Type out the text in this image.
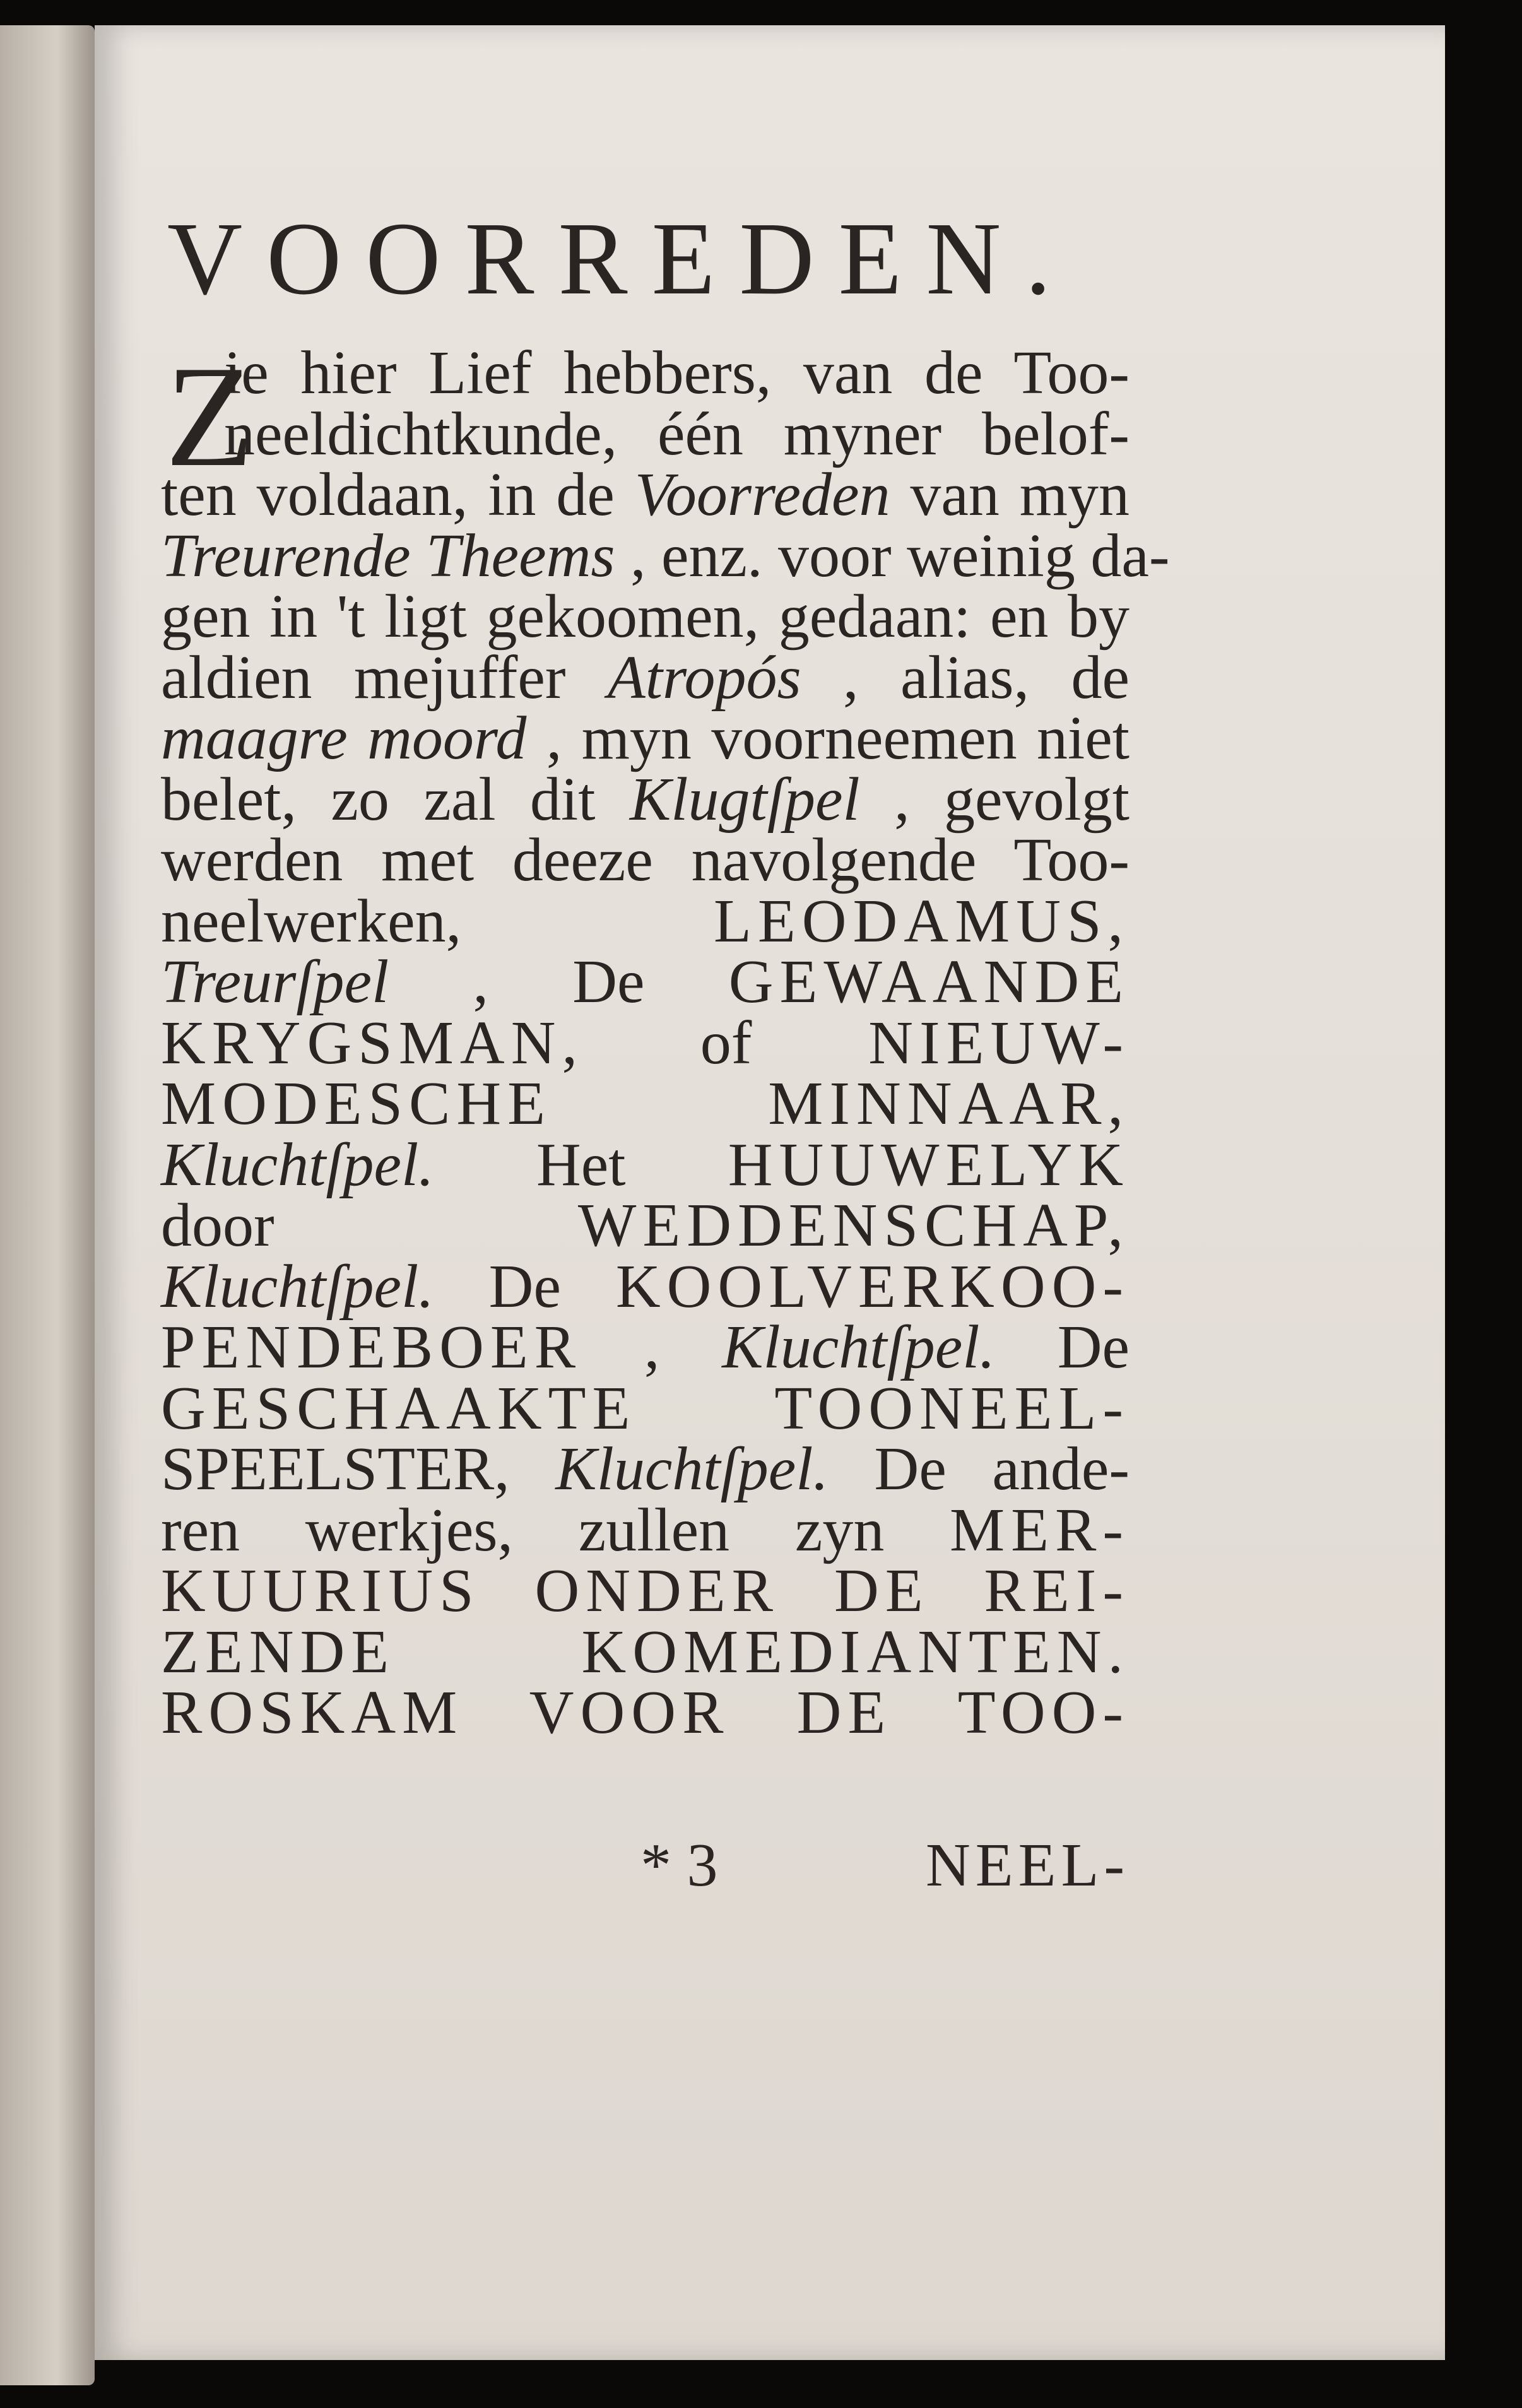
VOORREDEN.
Z
ie hier Lief hebbers, van de Too-
neeldichtkunde, één myner belof-
ten voldaan, in de Voorreden van myn
Treurende Theems , enz. voor weinig da-
gen in 't ligt gekoomen, gedaan: en by
aldien mejuffer Atropós , alias, de
maagre moord , myn voorneemen niet
belet, zo zal dit Klugtſpel , gevolgt
werden met deeze navolgende Too-
neelwerken, LEODAMUS,
Treurſpel , De GEWAANDE
KRYGSMAN, of NIEUW-
MODESCHE MINNAAR,
Kluchtſpel. Het HUUWELYK
door WEDDENSCHAP,
Kluchtſpel. De KOOLVERKOO-
PENDEBOER , Kluchtſpel. De
GESCHAAKTE TOONEEL-
SPEELSTER, Kluchtſpel. De ande-
ren werkjes, zullen zyn MER-
KUURIUS ONDER DE REI-
ZENDE KOMEDIANTEN.
ROSKAM VOOR DE TOO-
* 3	NEEL-
